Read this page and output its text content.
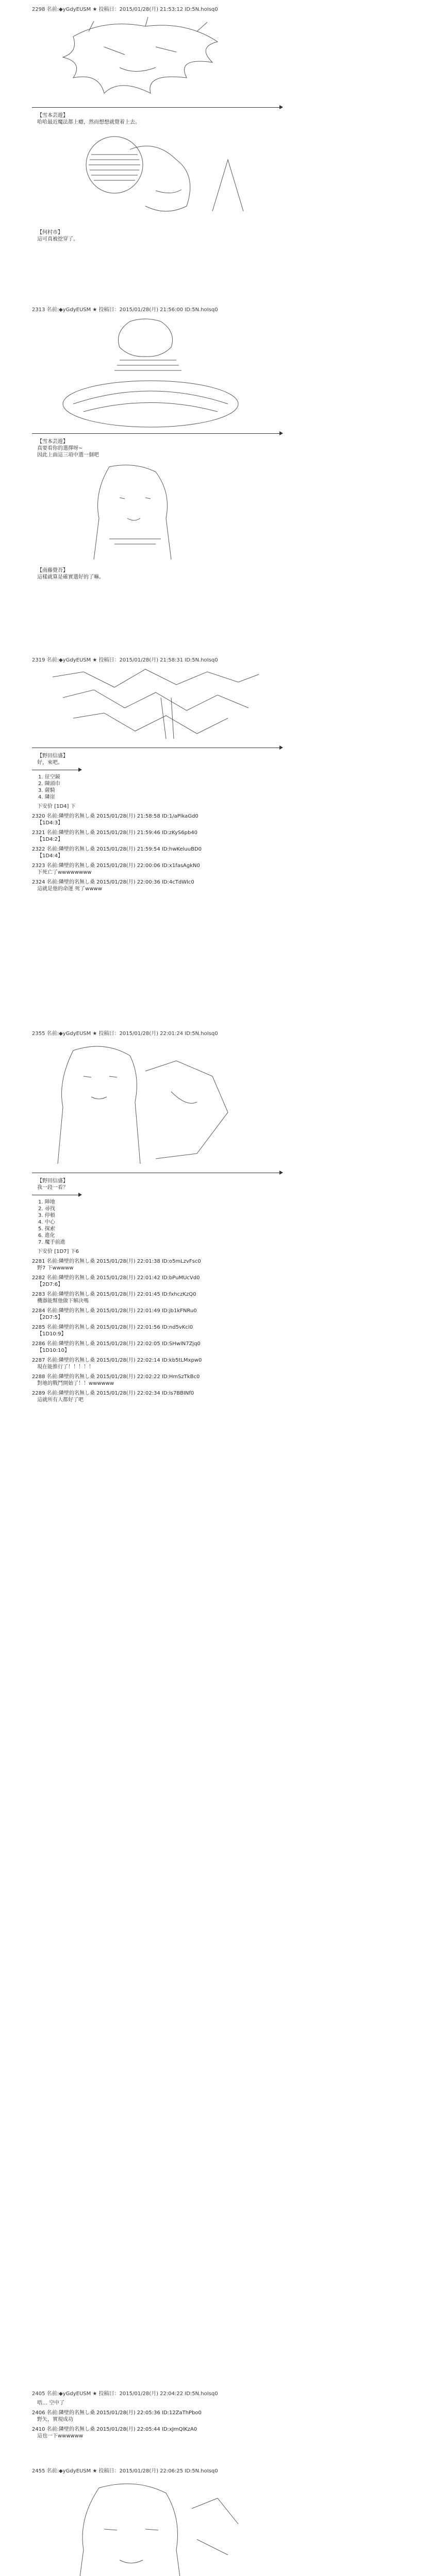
2298 名前:◆yGdyEUSM ★ 投稿日：2015/01/28(月) 21:53:12 ID:5N.hoIsq0
【雪本芸遊】
哈哈最近魔法都上癮，然而想想就覺着上去。
【何村市】
這可真被挖穿了。
2313 名前:◆yGdyEUSM ★ 投稿日：2015/01/28(月) 21:56:00 ID:5N.hoIsq0
【雪本芸遊】
真要看你的選擇呀~
因此上面這三項中選一個吧
【南藤覺吾】
這樣就算是確實選好的了嘛。
2319 名前:◆yGdyEUSM ★ 投稿日：2015/01/28(月) 21:58:31 ID:5N.hoIsq0
【野田信盛】
好，來吧。
1. 征空鏡
2. 陳頭巾
3. 薩騎
4. 隣崖
下安价 [1D4] 下
2320 名前:隣壁的名無し桑 2015/01/28(月) 21:58:58 ID:1/aPlkaGd0
【1D4:3】
2321 名前:隣壁的名無し桑 2015/01/28(月) 21:59:46 ID:zKyS6pb40
【1D4:2】
2322 名前:隣壁的名無し桑 2015/01/28(月) 21:59:54 ID:hwKeluuBD0
【1D4:4】
2323 名前:隣壁的名無し桑 2015/01/28(月) 22:00:06 ID:x1fasAgkN0
下死亡了wwwwwwww
2324 名前:隣壁的名無し桑 2015/01/28(月) 22:00:36 ID:4cTdWlc0
這就是他的命運 死了wwww
2355 名前:◆yGdyEUSM ★ 投稿日：2015/01/28(月) 22:01:24 ID:5N.hoIsq0
【野田信盛】
我一段一看？
1. 陣地
2. 尋找
3. 停頓
4. 中心
5. 探索
6. 進化
7. 魔手前進
下安价 [1D7] 下6
2281 名前:隣壁的名無し桑 2015/01/28(月) 22:01:38 ID:o5mLzvFsc0
野7 下wwwww
2282 名前:隣壁的名無し桑 2015/01/28(月) 22:01:42 ID:bPuMUcVd0
【2D7:6】
2283 名前:隣壁的名無し桑 2015/01/28(月) 22:01:45 ID:fxhczKzQ0
機器能幫他做下解決嗎
2284 名前:隣壁的名無し桑 2015/01/28(月) 22:01:49 ID:jb1kFNRu0
【2D7:5】
2285 名前:隣壁的名無し桑 2015/01/28(月) 22:01:56 ID:nd5vKcl0
【1D10:9】
2286 名前:隣壁的名無し桑 2015/01/28(月) 22:02:05 ID:SHwlN7Zjq0
【1D10:10】
2287 名前:隣壁的名無し桑 2015/01/28(月) 22:02:14 ID:kb5tLMxpw0
現在能推行了！！！！！
2288 名前:隣壁的名無し桑 2015/01/28(月) 22:02:22 ID:HmSzTkBc0
對地的戰鬥開始了！！wwwwww
2289 名前:隣壁的名無し桑 2015/01/28(月) 22:02:34 ID:ls7BBINf0
這就所有人都好了吧
2405 名前:◆yGdyEUSM ★ 投稿日：2015/01/28(月) 22:04:22 ID:5N.hoIsq0
唔… 空中了
2406 名前:隣壁的名無し桑 2015/01/28(月) 22:05:36 ID:12ZaThPbo0
野矢，實現成功
2410 名前:隣壁的名無し桑 2015/01/28(月) 22:05:44 ID:xJmQlKzA0
這也一下wwwwww
2455 名前:◆yGdyEUSM ★ 投稿日：2015/01/28(月) 22:06:25 ID:5N.hoIsq0
